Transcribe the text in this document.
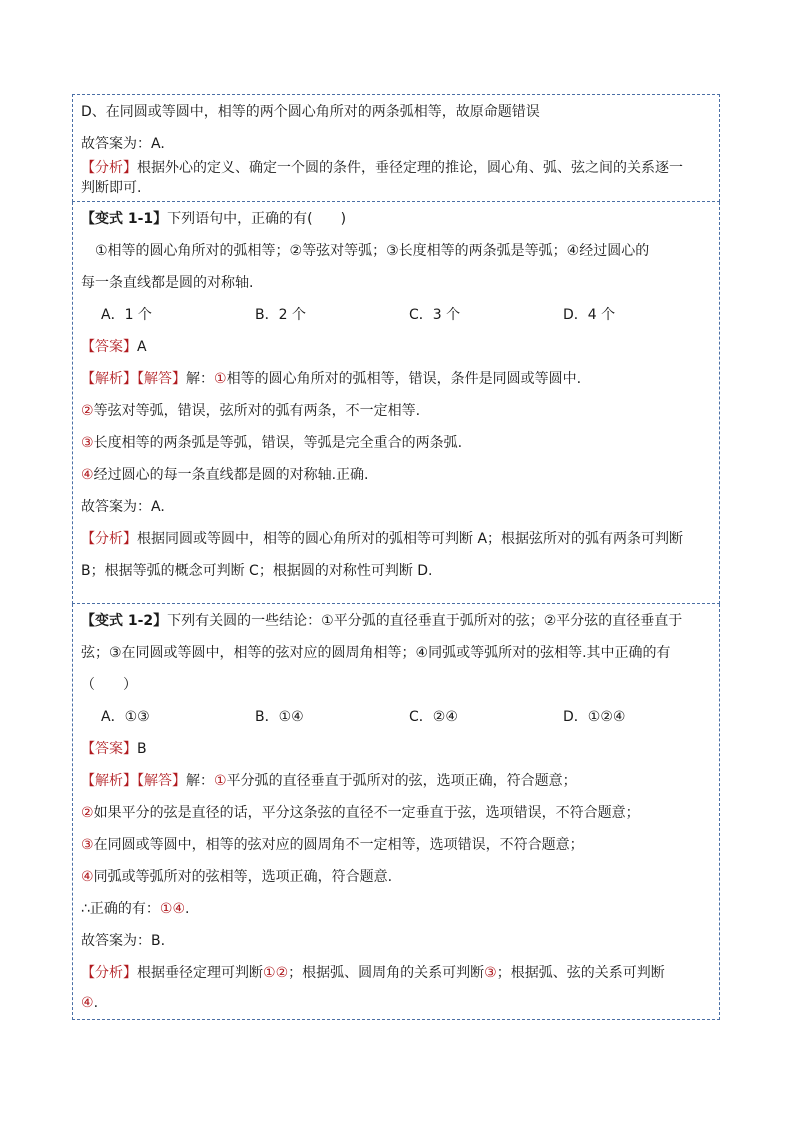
D、在同圆或等圆中，相等的两个圆心角所对的两条弧相等，故原命题错误
故答案为：A.
【分析】根据外心的定义、确定一个圆的条件，垂径定理的推论，圆心角、弧、弦之间的关系逐一
判断即可.
【变式 1-1】下列语句中，正确的有(　　)
①相等的圆心角所对的弧相等；②等弦对等弧；③长度相等的两条弧是等弧；④经过圆心的
每一条直线都是圆的对称轴.
A．1 个	B．2 个	C．3 个	D．4 个
【答案】A
【解析】【解答】解：①相等的圆心角所对的弧相等，错误，条件是同圆或等圆中.
②等弦对等弧，错误，弦所对的弧有两条，不一定相等.
③长度相等的两条弧是等弧，错误，等弧是完全重合的两条弧.
④经过圆心的每一条直线都是圆的对称轴.正确.
故答案为：A.
【分析】根据同圆或等圆中，相等的圆心角所对的弧相等可判断 A；根据弦所对的弧有两条可判断
B；根据等弧的概念可判断 C；根据圆的对称性可判断 D.
【变式 1-2】下列有关圆的一些结论：①平分弧的直径垂直于弧所对的弦；②平分弦的直径垂直于
弦；③在同圆或等圆中，相等的弦对应的圆周角相等；④同弧或等弧所对的弦相等.其中正确的有
（　　）
A．①③	B．①④	C．②④	D．①②④
【答案】B
【解析】【解答】解：①平分弧的直径垂直于弧所对的弦，选项正确，符合题意；
②如果平分的弦是直径的话，平分这条弦的直径不一定垂直于弦，选项错误，不符合题意；
③在同圆或等圆中，相等的弦对应的圆周角不一定相等，选项错误，不符合题意；
④同弧或等弧所对的弦相等，选项正确，符合题意.
∴正确的有：①④.
故答案为：B.
【分析】根据垂径定理可判断①②；根据弧、圆周角的关系可判断③；根据弧、弦的关系可判断
④.
